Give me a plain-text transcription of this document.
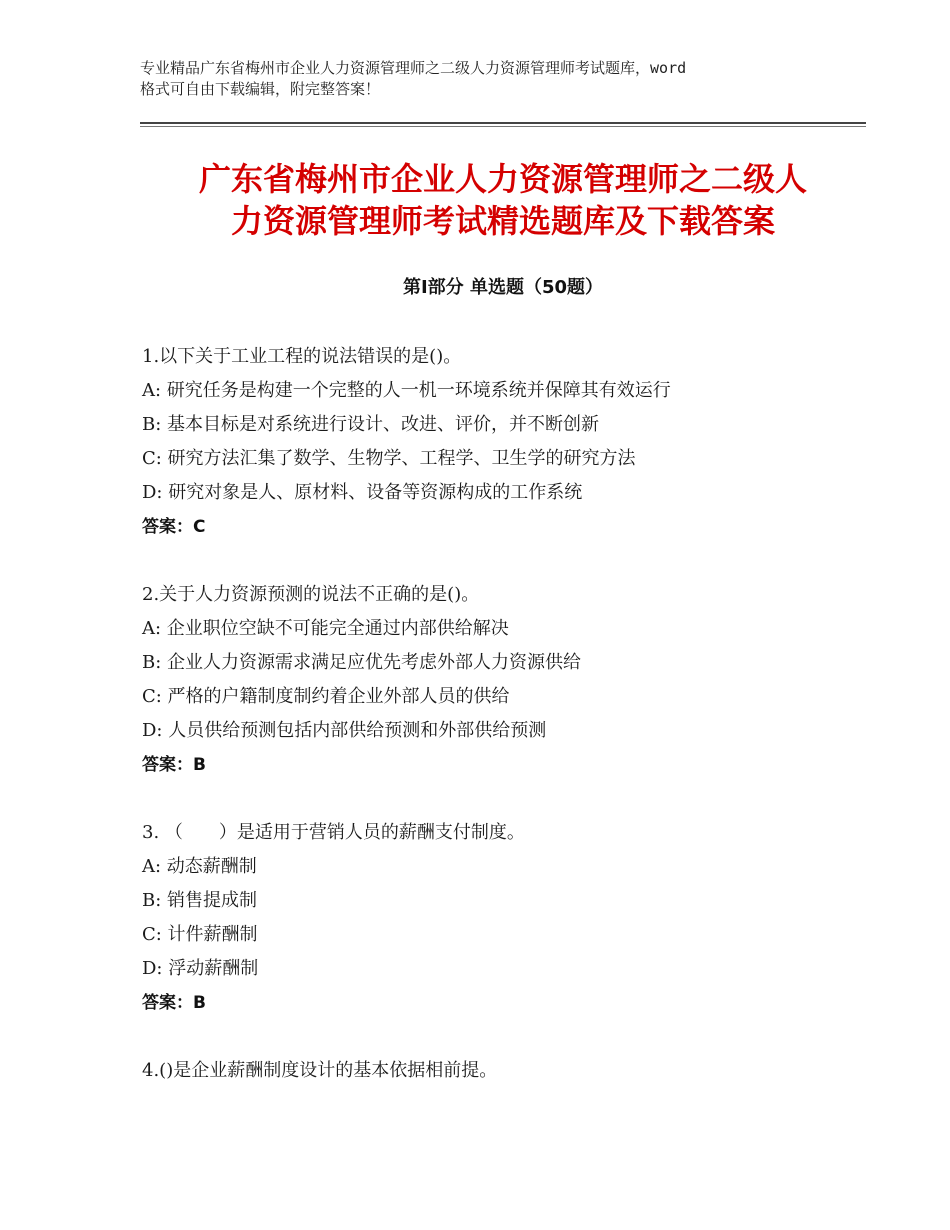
专业精品广东省梅州市企业人力资源管理师之二级人力资源管理师考试题库，word
格式可自由下载编辑，附完整答案！
广东省梅州市企业人力资源管理师之二级人
力资源管理师考试精选题库及下载答案
第Ⅰ部分 单选题（50题）
1.以下关于工业工程的说法错误的是()。
A: 研究任务是构建一个完整的人一机一环境系统并保障其有效运行
B: 基本目标是对系统进行设计、改进、评价，并不断创新
C: 研究方法汇集了数学、生物学、工程学、卫生学的研究方法
D: 研究对象是人、原材料、设备等资源构成的工作系统
答案：C
2.关于人力资源预测的说法不正确的是()。
A: 企业职位空缺不可能完全通过内部供给解决
B: 企业人力资源需求满足应优先考虑外部人力资源供给
C: 严格的户籍制度制约着企业外部人员的供给
D: 人员供给预测包括内部供给预测和外部供给预测
答案：B
3. （　　）是适用于营销人员的薪酬支付制度。
A: 动态薪酬制
B: 销售提成制
C: 计件薪酬制
D: 浮动薪酬制
答案：B
4.()是企业薪酬制度设计的基本依据相前提。
